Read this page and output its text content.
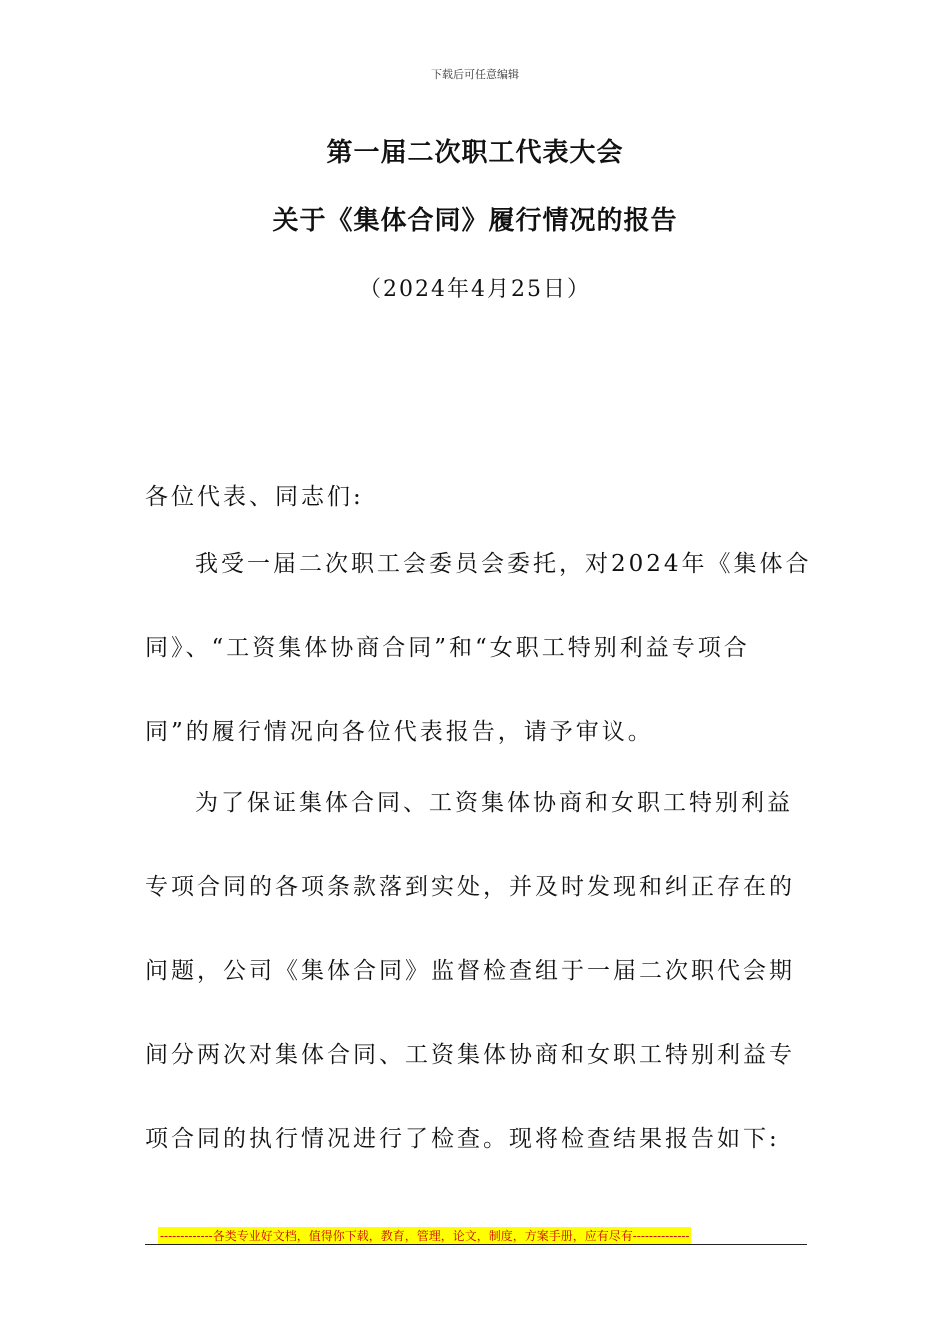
下载后可任意编辑
第一届二次职工代表大会
关于《集体合同》履行情况的报告
（2024年4月25日）
各位代表、同志们:
我受一届二次职工会委员会委托，对2024年《集体合
同》、“工资集体协商合同”和“女职工特别利益专项合
同”的履行情况向各位代表报告，请予审议。
为了保证集体合同、工资集体协商和女职工特别利益
专项合同的各项条款落到实处，并及时发现和纠正存在的
问题，公司《集体合同》监督检查组于一届二次职代会期
间分两次对集体合同、工资集体协商和女职工特别利益专
项合同的执行情况进行了检查。现将检查结果报告如下:
-------------各类专业好文档，值得你下载，教育，管理，论文，制度，方案手册，应有尽有--------------
